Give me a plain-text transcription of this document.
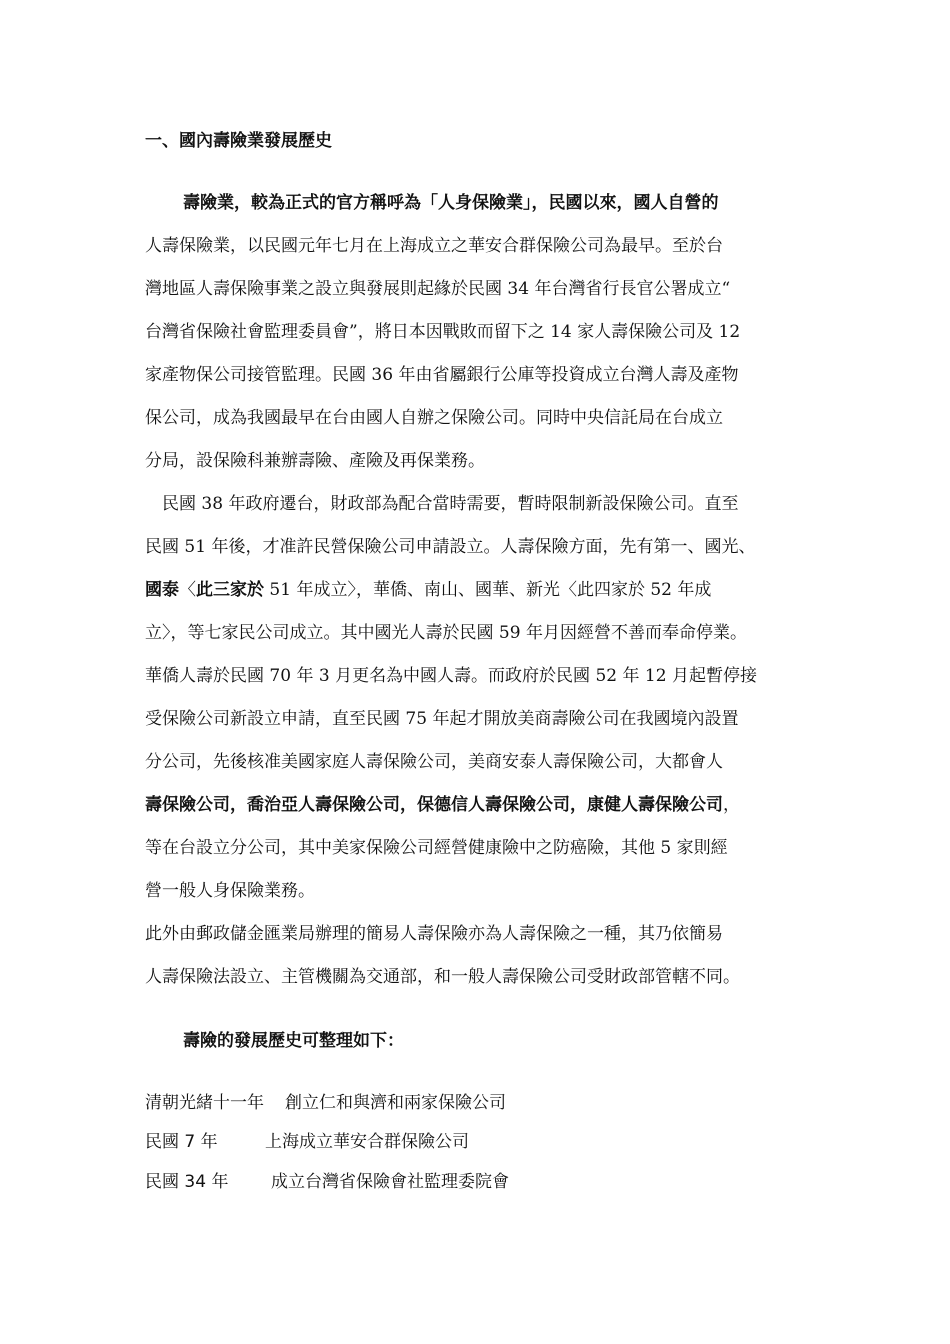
一、國內壽險業發展歷史
壽險業，較為正式的官方稱呼為「人身保險業」，民國以來，國人自營的
人壽保險業，以民國元年七月在上海成立之華安合群保險公司為最早。至於台
灣地區人壽保險事業之設立與發展則起緣於民國 34 年台灣省行長官公署成立“
台灣省保險社會監理委員會”，將日本因戰敗而留下之 14 家人壽保險公司及 12
家產物保公司接管監理。民國 36 年由省屬銀行公庫等投資成立台灣人壽及產物
保公司，成為我國最早在台由國人自辦之保險公司。同時中央信託局在台成立
分局，設保險科兼辦壽險、產險及再保業務。
民國 38 年政府遷台，財政部為配合當時需要，暫時限制新設保險公司。直至
民國 51 年後，才准許民營保險公司申請設立。人壽保險方面，先有第一、國光、
國泰〈此三家於 51 年成立〉，華僑、南山、國華、新光〈此四家於 52 年成
立〉，等七家民公司成立。其中國光人壽於民國 59 年月因經營不善而奉命停業。
華僑人壽於民國 70 年 3 月更名為中國人壽。而政府於民國 52 年 12 月起暫停接
受保險公司新設立申請，直至民國 75 年起才開放美商壽險公司在我國境內設置
分公司，先後核准美國家庭人壽保險公司，美商安泰人壽保險公司，大都會人
壽保險公司，喬治亞人壽保險公司，保德信人壽保險公司，康健人壽保險公司，
等在台設立分公司，其中美家保險公司經營健康險中之防癌險，其他 5 家則經
營一般人身保險業務。
此外由郵政儲金匯業局辦理的簡易人壽保險亦為人壽保險之一種，其乃依簡易
人壽保險法設立、主管機關為交通部，和一般人壽保險公司受財政部管轄不同。
壽險的發展歷史可整理如下：
清朝光緒十一年 創立仁和與濟和兩家保險公司
民國 7 年	上海成立華安合群保險公司
民國 34 年	成立台灣省保險會社監理委院會
